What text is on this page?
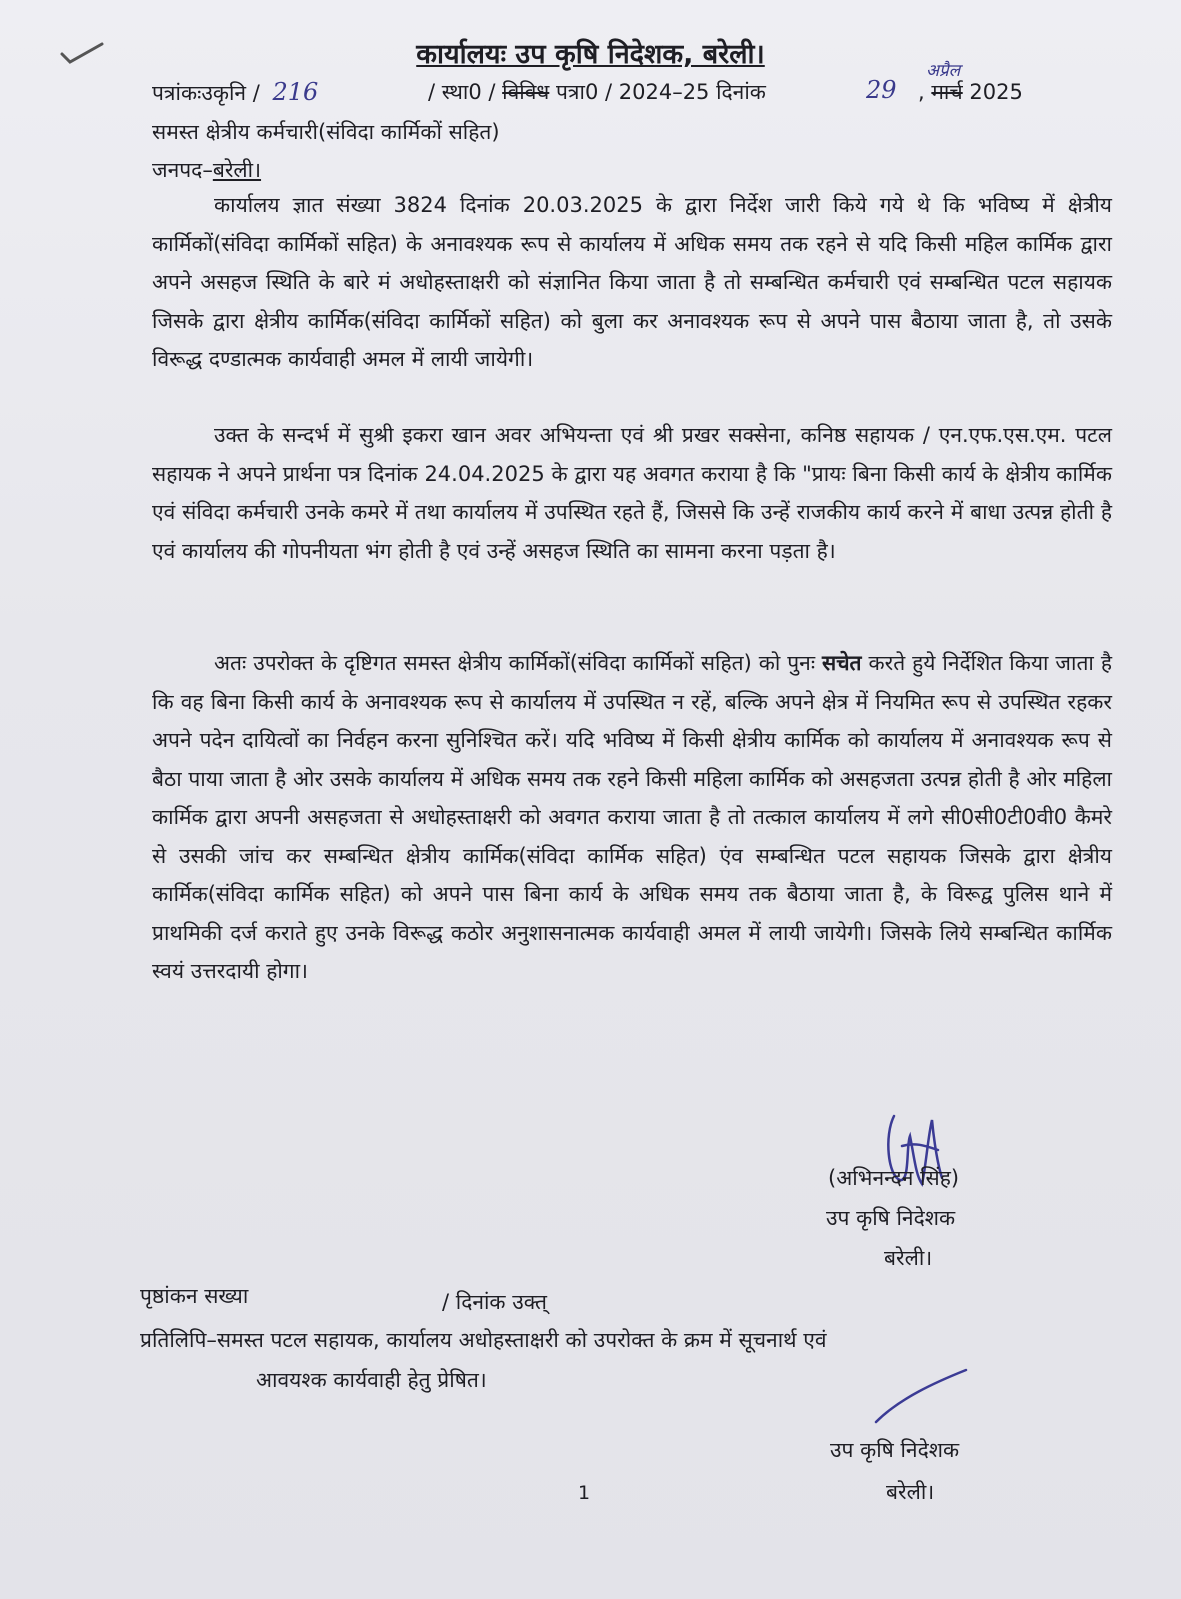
कार्यालयः उप कृषि निदेशक, बरेली।
पत्रांकःउकृनि / 216	/ स्था0 / विविध पत्रा0 / 2024–25 दिनांक	29
अप्रैल
, मार्च 2025
समस्त क्षेत्रीय कर्मचारी(संविदा कार्मिकों सहित)
जनपद–बरेली।
कार्यालय ज्ञात संख्या 3824 दिनांक 20.03.2025 के द्वारा निर्देश जारी किये गये थे कि भविष्य में क्षेत्रीय कार्मिकों(संविदा कार्मिकों सहित) के अनावश्यक रूप से कार्यालय में अधिक समय तक रहने से यदि किसी महिल कार्मिक द्वारा अपने असहज स्थिति के बारे मं अधोहस्ताक्षरी को संज्ञानित किया जाता है तो सम्बन्धित कर्मचारी एवं सम्बन्धित पटल सहायक जिसके द्वारा क्षेत्रीय कार्मिक(संविदा कार्मिकों सहित) को बुला कर अनावश्यक रूप से अपने पास बैठाया जाता है, तो उसके विरूद्ध दण्डात्मक कार्यवाही अमल में लायी जायेगी।
उक्त के सन्दर्भ में सुश्री इकरा खान अवर अभियन्ता एवं श्री प्रखर सक्सेना, कनिष्ठ सहायक / एन.एफ.एस.एम. पटल सहायक ने अपने प्रार्थना पत्र दिनांक 24.04.2025 के द्वारा यह अवगत कराया है कि "प्रायः बिना किसी कार्य के क्षेत्रीय कार्मिक एवं संविदा कर्मचारी उनके कमरे में तथा कार्यालय में उपस्थित रहते हैं, जिससे कि उन्हें राजकीय कार्य करने में बाधा उत्पन्न होती है एवं कार्यालय की गोपनीयता भंग होती है एवं उन्हें असहज स्थिति का सामना करना पड़ता है।
अतः उपरोक्त के दृष्टिगत समस्त क्षेत्रीय कार्मिकों(संविदा कार्मिकों सहित) को पुनः सचेत करते हुये निर्देशित किया जाता है कि वह बिना किसी कार्य के अनावश्यक रूप से कार्यालय में उपस्थित न रहें, बल्कि अपने क्षेत्र में नियमित रूप से उपस्थित रहकर अपने पदेन दायित्वों का निर्वहन करना सुनिश्चित करें। यदि भविष्य में किसी क्षेत्रीय कार्मिक को कार्यालय में अनावश्यक रूप से बैठा पाया जाता है ओर उसके कार्यालय में अधिक समय तक रहने किसी महिला कार्मिक को असहजता उत्पन्न होती है ओर महिला कार्मिक द्वारा अपनी असहजता से अधोहस्ताक्षरी को अवगत कराया जाता है तो तत्काल कार्यालय में लगे सी0सी0टी0वी0 कैमरे से उसकी जांच कर सम्बन्धित क्षेत्रीय कार्मिक(संविदा कार्मिक सहित) एंव सम्बन्धित पटल सहायक जिसके द्वारा क्षेत्रीय कार्मिक(संविदा कार्मिक सहित) को अपने पास बिना कार्य के अधिक समय तक बैठाया जाता है, के विरूद्व पुलिस थाने में प्राथमिकी दर्ज कराते हुए उनके विरूद्ध कठोर अनुशासनात्मक कार्यवाही अमल में लायी जायेगी। जिसके लिये सम्बन्धित कार्मिक स्वयं उत्तरदायी होगा।
(अभिनन्दन सिंह)
उप कृषि निदेशक
बरेली।
पृष्ठांकन सख्या	/ दिनांक उक्त्
प्रतिलिपि–समस्त पटल सहायक, कार्यालय अधोहस्ताक्षरी को उपरोक्त के क्रम में सूचनार्थ एवं
आवयश्क कार्यवाही हेतु प्रेषित।
उप कृषि निदेशक
बरेली।
1
